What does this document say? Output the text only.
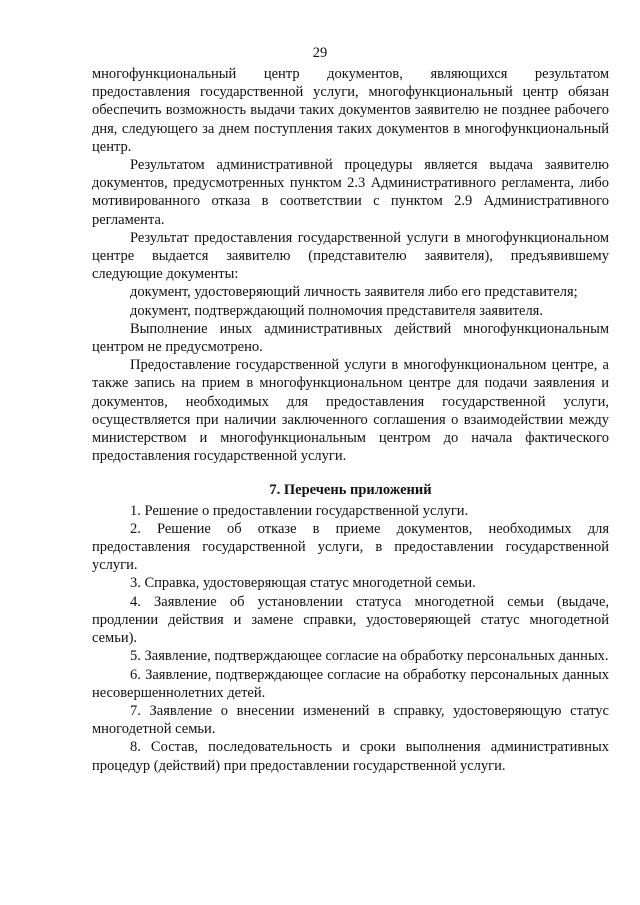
29

многофункциональный центр документов, являющихся результатом предоставления государственной услуги, многофункциональный центр обязан обеспечить возможность выдачи таких документов заявителю не позднее рабочего дня, следующего за днем поступления таких документов в многофункциональный центр.

Результатом административной процедуры является выдача заявителю документов, предусмотренных пунктом 2.3 Административного регламента, либо мотивированного отказа в соответствии с пунктом 2.9 Административного регламента.

Результат предоставления государственной услуги в многофункциональном центре выдается заявителю (представителю заявителя), предъявившему следующие документы:

документ, удостоверяющий личность заявителя либо его представителя;

документ, подтверждающий полномочия представителя заявителя.

Выполнение иных административных действий многофункциональным центром не предусмотрено.

Предоставление государственной услуги в многофункциональном центре, а также запись на прием в многофункциональном центре для подачи заявления и документов, необходимых для предоставления государственной услуги, осуществляется при наличии заключенного соглашения о взаимодействии между министерством и многофункциональным центром до начала фактического предоставления государственной услуги.

7. Перечень приложений

1. Решение о предоставлении государственной услуги.

2. Решение об отказе в приеме документов, необходимых для предоставления государственной услуги, в предоставлении государственной услуги.

3. Справка, удостоверяющая статус многодетной семьи.

4. Заявление об установлении статуса многодетной семьи (выдаче, продлении действия и замене справки, удостоверяющей статус многодетной семьи).

5. Заявление, подтверждающее согласие на обработку персональных данных.

6. Заявление, подтверждающее согласие на обработку персональных данных несовершеннолетних детей.

7. Заявление о внесении изменений в справку, удостоверяющую статус многодетной семьи.

8. Состав, последовательность и сроки выполнения административных процедур (действий) при предоставлении государственной услуги.
